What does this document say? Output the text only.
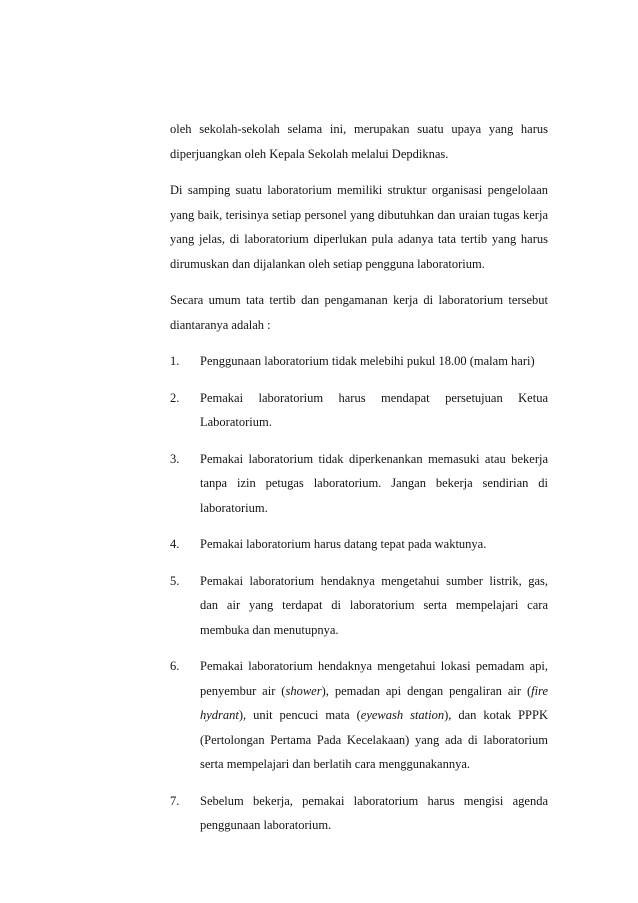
oleh sekolah-sekolah selama ini, merupakan suatu upaya yang harus diperjuangkan oleh Kepala Sekolah melalui Depdiknas.

Di samping suatu laboratorium memiliki struktur organisasi pengelolaan yang baik, terisinya setiap personel yang dibutuhkan dan uraian tugas kerja yang jelas, di laboratorium diperlukan pula adanya tata tertib yang harus dirumuskan dan dijalankan oleh setiap pengguna laboratorium.

Secara umum tata tertib dan pengamanan kerja di laboratorium tersebut diantaranya adalah :

1.	Penggunaan laboratorium tidak melebihi pukul 18.00 (malam hari)
2.	Pemakai laboratorium harus mendapat persetujuan Ketua Laboratorium.
3.	Pemakai laboratorium tidak diperkenankan memasuki atau bekerja tanpa izin petugas laboratorium. Jangan bekerja sendirian di laboratorium.
4.	Pemakai laboratorium harus datang tepat pada waktunya.
5.	Pemakai laboratorium hendaknya mengetahui sumber listrik, gas, dan air yang terdapat di laboratorium serta mempelajari cara membuka dan menutupnya.
6.	Pemakai laboratorium hendaknya mengetahui lokasi pemadam api, penyembur air (shower), pemadan api dengan pengaliran air (fire hydrant), unit pencuci mata (eyewash station), dan kotak PPPK (Pertolongan Pertama Pada Kecelakaan) yang ada di laboratorium serta mempelajari dan berlatih cara menggunakannya.
7.	Sebelum bekerja, pemakai laboratorium harus mengisi agenda penggunaan laboratorium.
